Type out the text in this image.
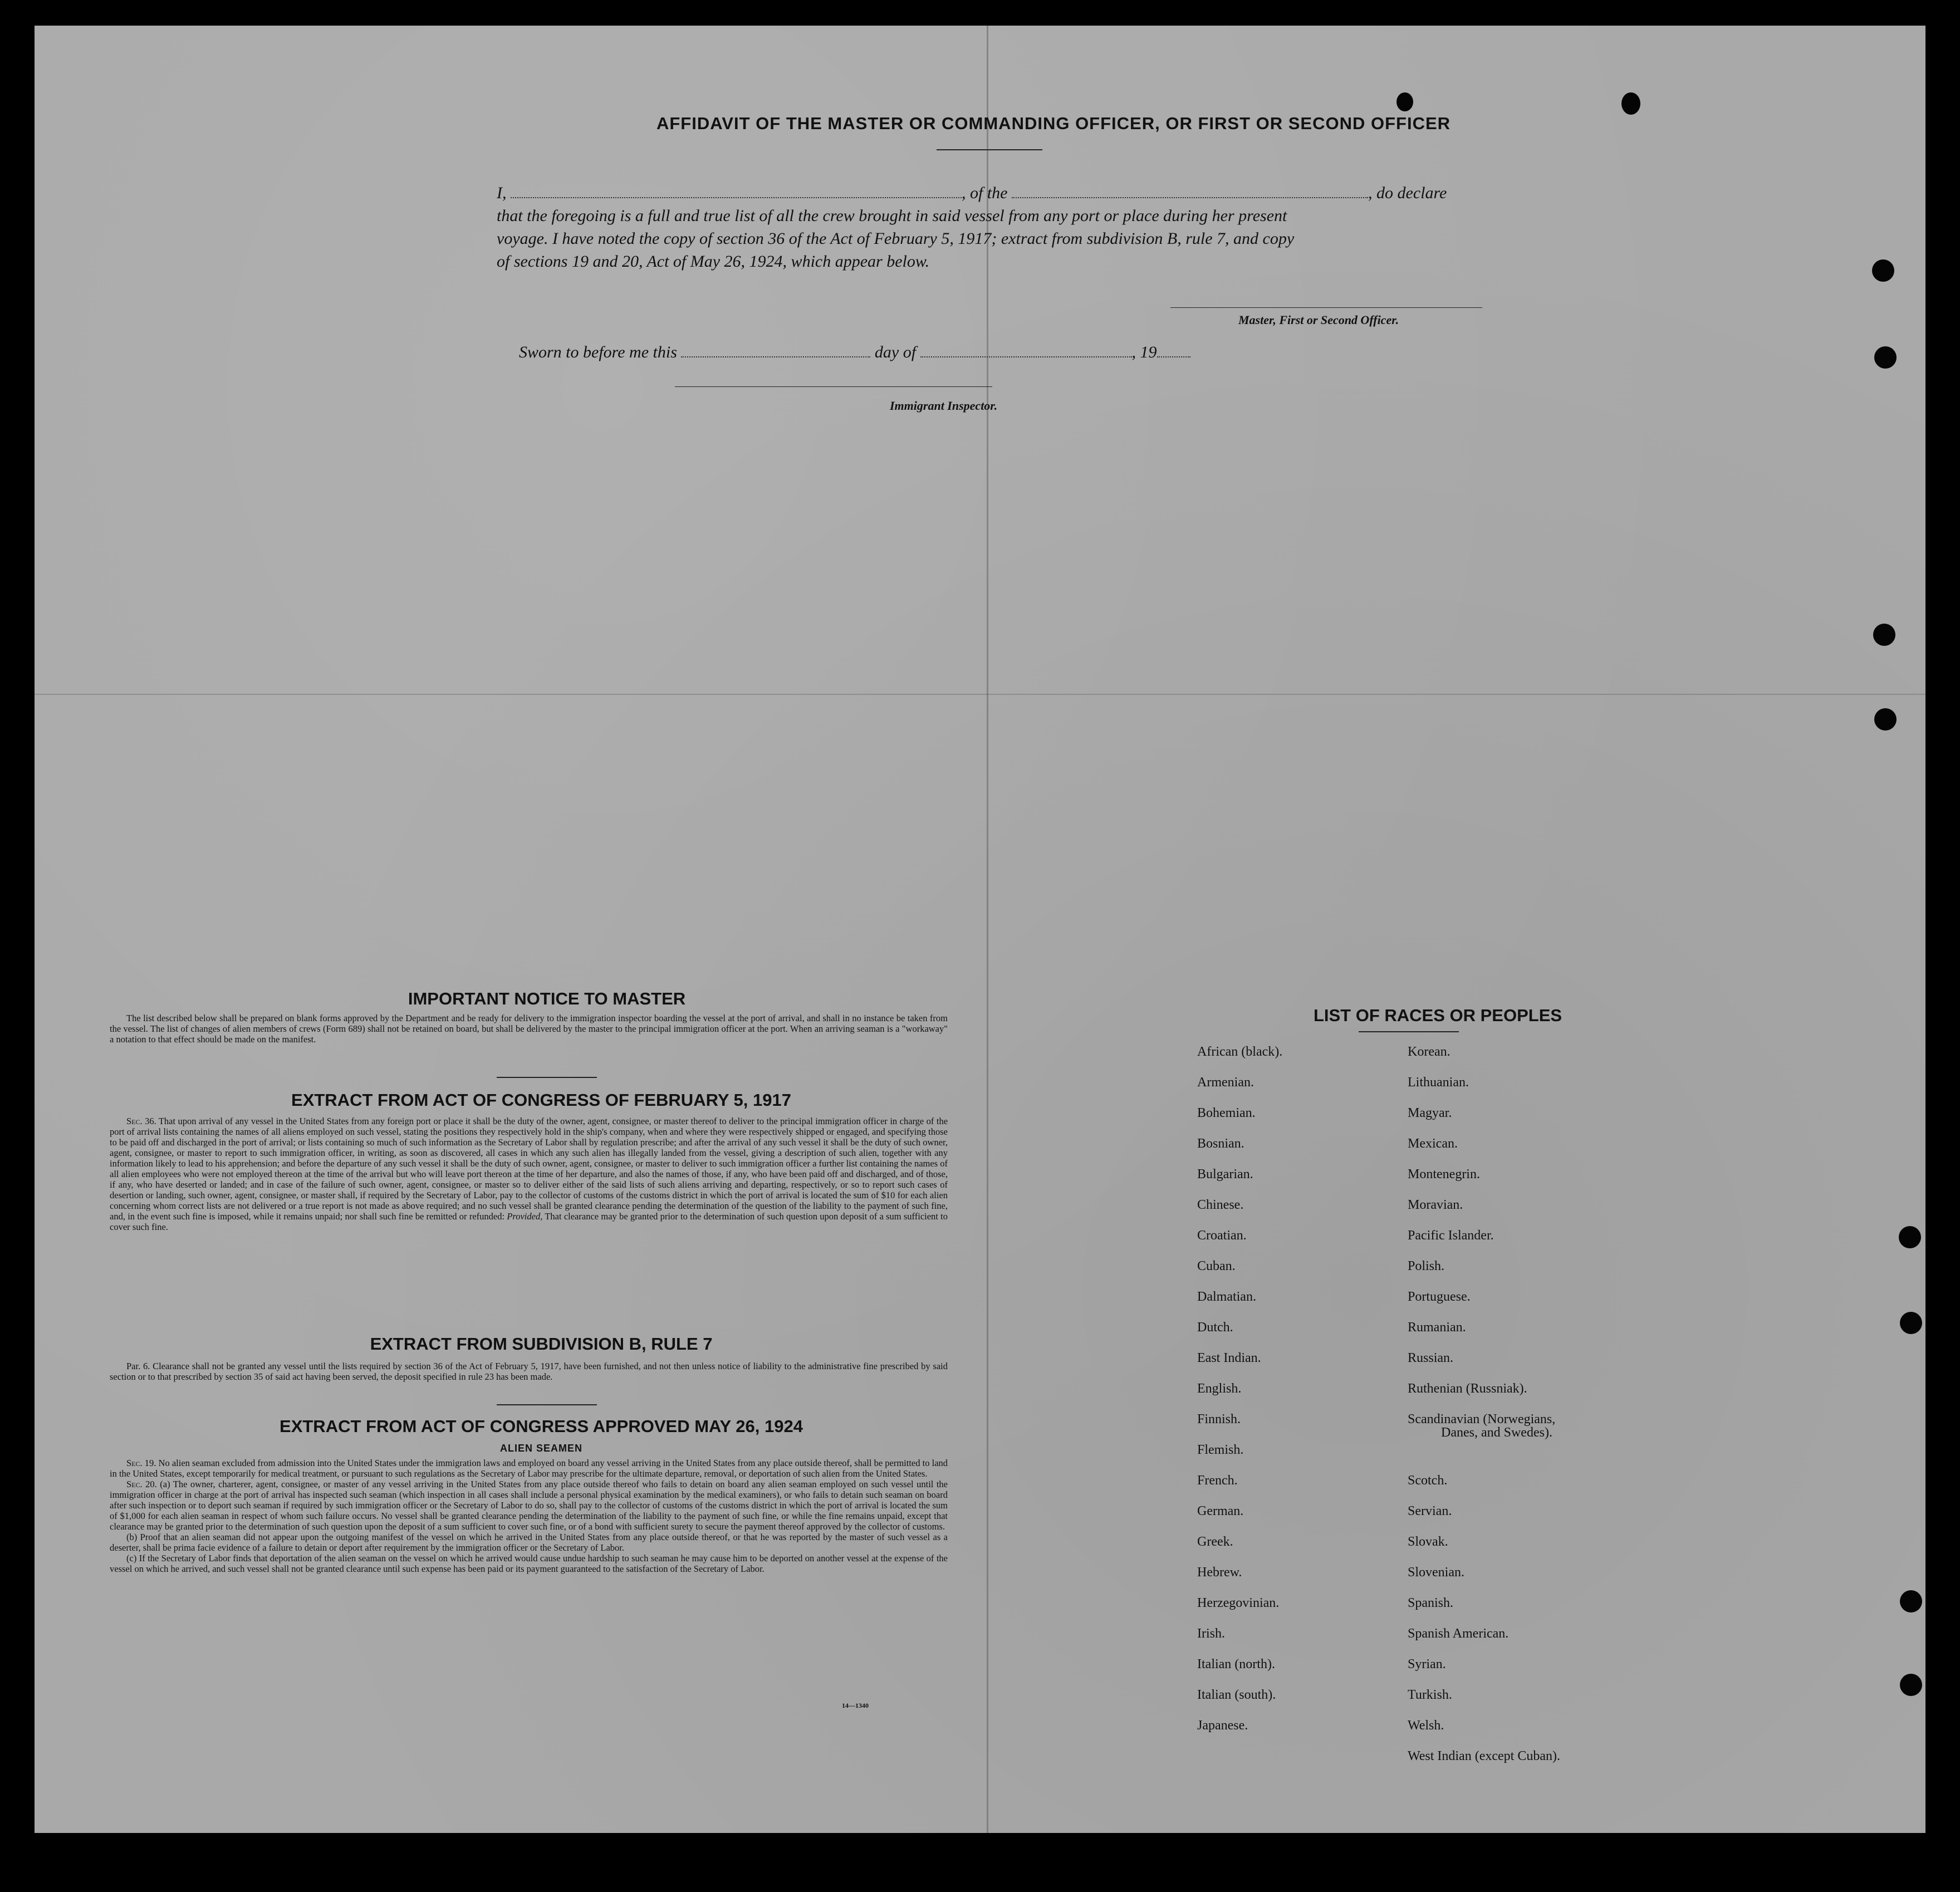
AFFIDAVIT OF THE MASTER OR COMMANDING OFFICER, OR FIRST OR SECOND OFFICER
I,	, of the	, do declare
that the foregoing is a full and true list of all the crew brought in said vessel from any port or place during her present
voyage. I have noted the copy of section 36 of the Act of February 5, 1917; extract from subdivision B, rule 7, and copy
of sections 19 and 20, Act of May 26, 1924, which appear below.
Master, First or Second Officer.
Sworn to before me this	day of	, 19
Immigrant Inspector.
IMPORTANT NOTICE TO MASTER

The list described below shall be prepared on blank forms approved by the Department and be ready for delivery to the immigration inspector boarding the vessel at the port of arrival, and shall in no instance be taken from the vessel. The list of changes of alien members of crews (Form 689) shall not be retained on board, but shall be delivered by the master to the principal immigration officer at the port. When an arriving seaman is a "workaway" a notation to that effect should be made on the manifest.

EXTRACT FROM ACT OF CONGRESS OF FEBRUARY 5, 1917

Sec. 36. That upon arrival of any vessel in the United States from any foreign port or place it shall be the duty of the owner, agent, consignee, or master thereof to deliver to the principal immigration officer in charge of the port of arrival lists containing the names of all aliens employed on such vessel, stating the positions they respectively hold in the ship's company, when and where they were respectively shipped or engaged, and specifying those to be paid off and discharged in the port of arrival; or lists containing so much of such information as the Secretary of Labor shall by regulation prescribe; and after the arrival of any such vessel it shall be the duty of such owner, agent, consignee, or master to report to such immigration officer, in writing, as soon as discovered, all cases in which any such alien has illegally landed from the vessel, giving a description of such alien, together with any information likely to lead to his apprehension; and before the departure of any such vessel it shall be the duty of such owner, agent, consignee, or master to deliver to such immigration officer a further list containing the names of all alien employees who were not employed thereon at the time of the arrival but who will leave port thereon at the time of her departure, and also the names of those, if any, who have been paid off and discharged, and of those, if any, who have deserted or landed; and in case of the failure of such owner, agent, consignee, or master so to deliver either of the said lists of such aliens arriving and departing, respectively, or so to report such cases of desertion or landing, such owner, agent, consignee, or master shall, if required by the Secretary of Labor, pay to the collector of customs of the customs district in which the port of arrival is located the sum of $10 for each alien concerning whom correct lists are not delivered or a true report is not made as above required; and no such vessel shall be granted clearance pending the determination of the question of the liability to the payment of such fine, and, in the event such fine is imposed, while it remains unpaid; nor shall such fine be remitted or refunded: Provided, That clearance may be granted prior to the determination of such question upon deposit of a sum sufficient to cover such fine.

EXTRACT FROM SUBDIVISION B, RULE 7

Par. 6. Clearance shall not be granted any vessel until the lists required by section 36 of the Act of February 5, 1917, have been furnished, and not then unless notice of liability to the administrative fine prescribed by said section or to that prescribed by section 35 of said act having been served, the deposit specified in rule 23 has been made.

EXTRACT FROM ACT OF CONGRESS APPROVED MAY 26, 1924
ALIEN SEAMEN

Sec. 19. No alien seaman excluded from admission into the United States under the immigration laws and employed on board any vessel arriving in the United States from any place outside thereof, shall be permitted to land in the United States, except temporarily for medical treatment, or pursuant to such regulations as the Secretary of Labor may prescribe for the ultimate departure, removal, or deportation of such alien from the United States.

Sec. 20. (a) The owner, charterer, agent, consignee, or master of any vessel arriving in the United States from any place outside thereof who fails to detain on board any alien seaman employed on such vessel until the immigration officer in charge at the port of arrival has inspected such seaman (which inspection in all cases shall include a personal physical examination by the medical examiners), or who fails to detain such seaman on board after such inspection or to deport such seaman if required by such immigration officer or the Secretary of Labor to do so, shall pay to the collector of customs of the customs district in which the port of arrival is located the sum of $1,000 for each alien seaman in respect of whom such failure occurs. No vessel shall be granted clearance pending the determination of the liability to the payment of such fine, or while the fine remains unpaid, except that clearance may be granted prior to the determination of such question upon the deposit of a sum sufficient to cover such fine, or of a bond with sufficient surety to secure the payment thereof approved by the collector of customs.

(b) Proof that an alien seaman did not appear upon the outgoing manifest of the vessel on which he arrived in the United States from any place outside thereof, or that he was reported by the master of such vessel as a deserter, shall be prima facie evidence of a failure to detain or deport after requirement by the immigration officer or the Secretary of Labor.

(c) If the Secretary of Labor finds that deportation of the alien seaman on the vessel on which he arrived would cause undue hardship to such seaman he may cause him to be deported on another vessel at the expense of the vessel on which he arrived, and such vessel shall not be granted clearance until such expense has been paid or its payment guaranteed to the satisfaction of the Secretary of Labor.

14—1340
LIST OF RACES OR PEOPLES
African (black).
Armenian.
Bohemian.
Bosnian.
Bulgarian.
Chinese.
Croatian.
Cuban.
Dalmatian.
Dutch.
East Indian.
English.
Finnish.
Flemish.
French.
German.
Greek.
Hebrew.
Herzegovinian.
Irish.
Italian (north).
Italian (south).
Japanese.
Korean.
Lithuanian.
Magyar.
Mexican.
Montenegrin.
Moravian.
Pacific Islander.
Polish.
Portuguese.
Rumanian.
Russian.
Ruthenian (Russniak).
Scandinavian (Norwegians,
Danes, and Swedes).
Scotch.
Servian.
Slovak.
Slovenian.
Spanish.
Spanish American.
Syrian.
Turkish.
Welsh.
West Indian (except Cuban).
